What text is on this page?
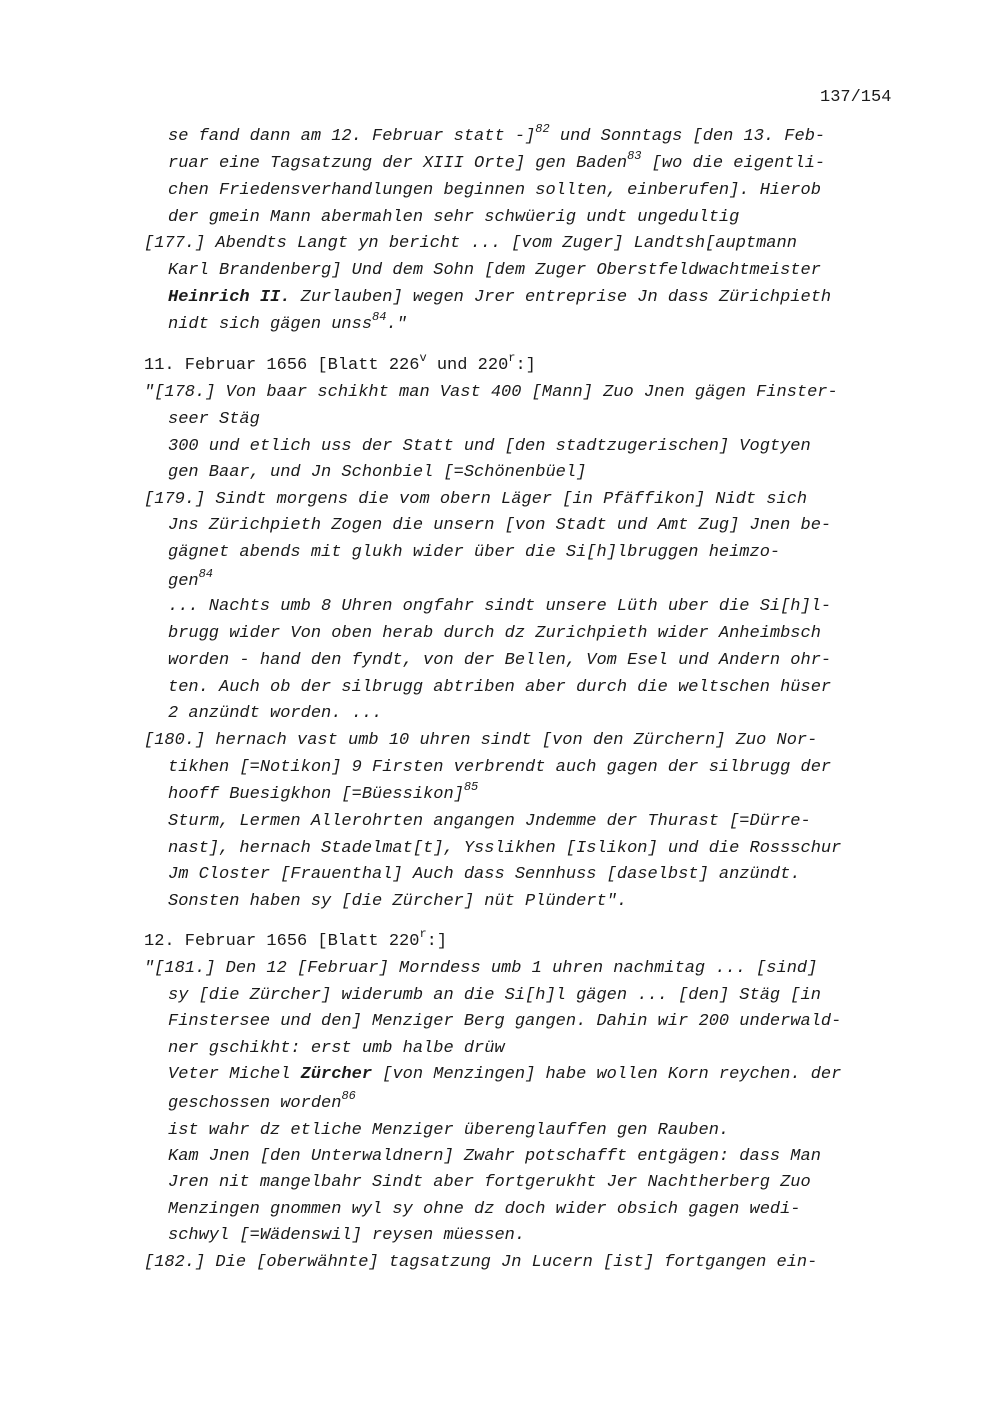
137/154
se fand dann am 12. Februar statt -]$^{82}$ und Sonntags [den 13. Feb-
ruar eine Tagsatzung der XIII Orte] gen Baden$^{83}$ [wo die eigentli-
chen Friedensverhandlungen beginnen sollten, einberufen]. Hierob
der gmein Mann abermahlen sehr schwüerig undt ungedultig
[177.] Abendts Langt yn bericht ... [vom Zuger] Landtsh[auptmann
Karl Brandenberg] Und dem Sohn [dem Zuger Oberstfeldwachtmeister
Heinrich II. Zurlauben] wegen Jrer entreprise Jn dass Zürichpieth
nidt sich gägen unss$^{84}$."
11. Februar 1656 [Blatt 226$^v$ und 220$^r$:]
"[178.] Von baar schikht man Vast 400 [Mann] Zuo Jnen gägen Finster-
seer Stäg
300 und etlich uss der Statt und [den stadtzugerischen] Vogtyen
gen Baar, und Jn Schonbiel [=Schönenbüel]
[179.] Sindt morgens die vom obern Läger [in Pfäffikon] Nidt sich
Jns Zürichpieth Zogen die unsern [von Stadt und Amt Zug] Jnen be-
gägnet abends mit glukh wider über die Si[h]lbruggen heimzo-
gen$^{84}$
... Nachts umb 8 Uhren ongfahr sindt unsere Lüth uber die Si[h]l-
brugg wider Von oben herab durch dz Zurichpieth wider Anheimbsch
worden - hand den fyndt, von der Bellen, Vom Esel und Andern ohr-
ten. Auch ob der silbrugg abtriben aber durch die weltschen hüser
2 anzündt worden. ...
[180.] hernach vast umb 10 uhren sindt [von den Zürchern] Zuo Nor-
tikhen [=Notikon] 9 Firsten verbrendt auch gagen der silbrugg der
hooff Buesigkhon [=Büessikon]$^{85}$
Sturm, Lermen Allerohrten angangen Jndemme der Thurast [=Dürre-
nast], hernach Stadelmat[t], Ysslikhen [Islikon] und die Rossschur
Jm Closter [Frauenthal] Auch dass Sennhuss [daselbst] anzündt.
Sonsten haben sy [die Zürcher] nüt Plündert".
12. Februar 1656 [Blatt 220$^r$:]
"[181.] Den 12 [Februar] Morndess umb 1 uhren nachmitag ... [sind]
sy [die Zürcher] widerumb an die Si[h]l gägen ... [den] Stäg [in
Finstersee und den] Menziger Berg gangen. Dahin wir 200 underwald-
ner gschikht: erst umb halbe drüw
Veter Michel Zürcher [von Menzingen] habe wollen Korn reychen. der
geschossen worden$^{86}$
ist wahr dz etliche Menziger überenglauffen gen Rauben.
Kam Jnen [den Unterwaldnern] Zwahr potschafft entgägen: dass Man
Jren nit mangelbahr Sindt aber fortgerukht Jer Nachtherberg Zuo
Menzingen gnommen wyl sy ohne dz doch wider obsich gagen wedi-
schwyl [=Wädenswil] reysen müessen.
[182.] Die [oberwähnte] tagsatzung Jn Lucern [ist] fortgangen ein-
